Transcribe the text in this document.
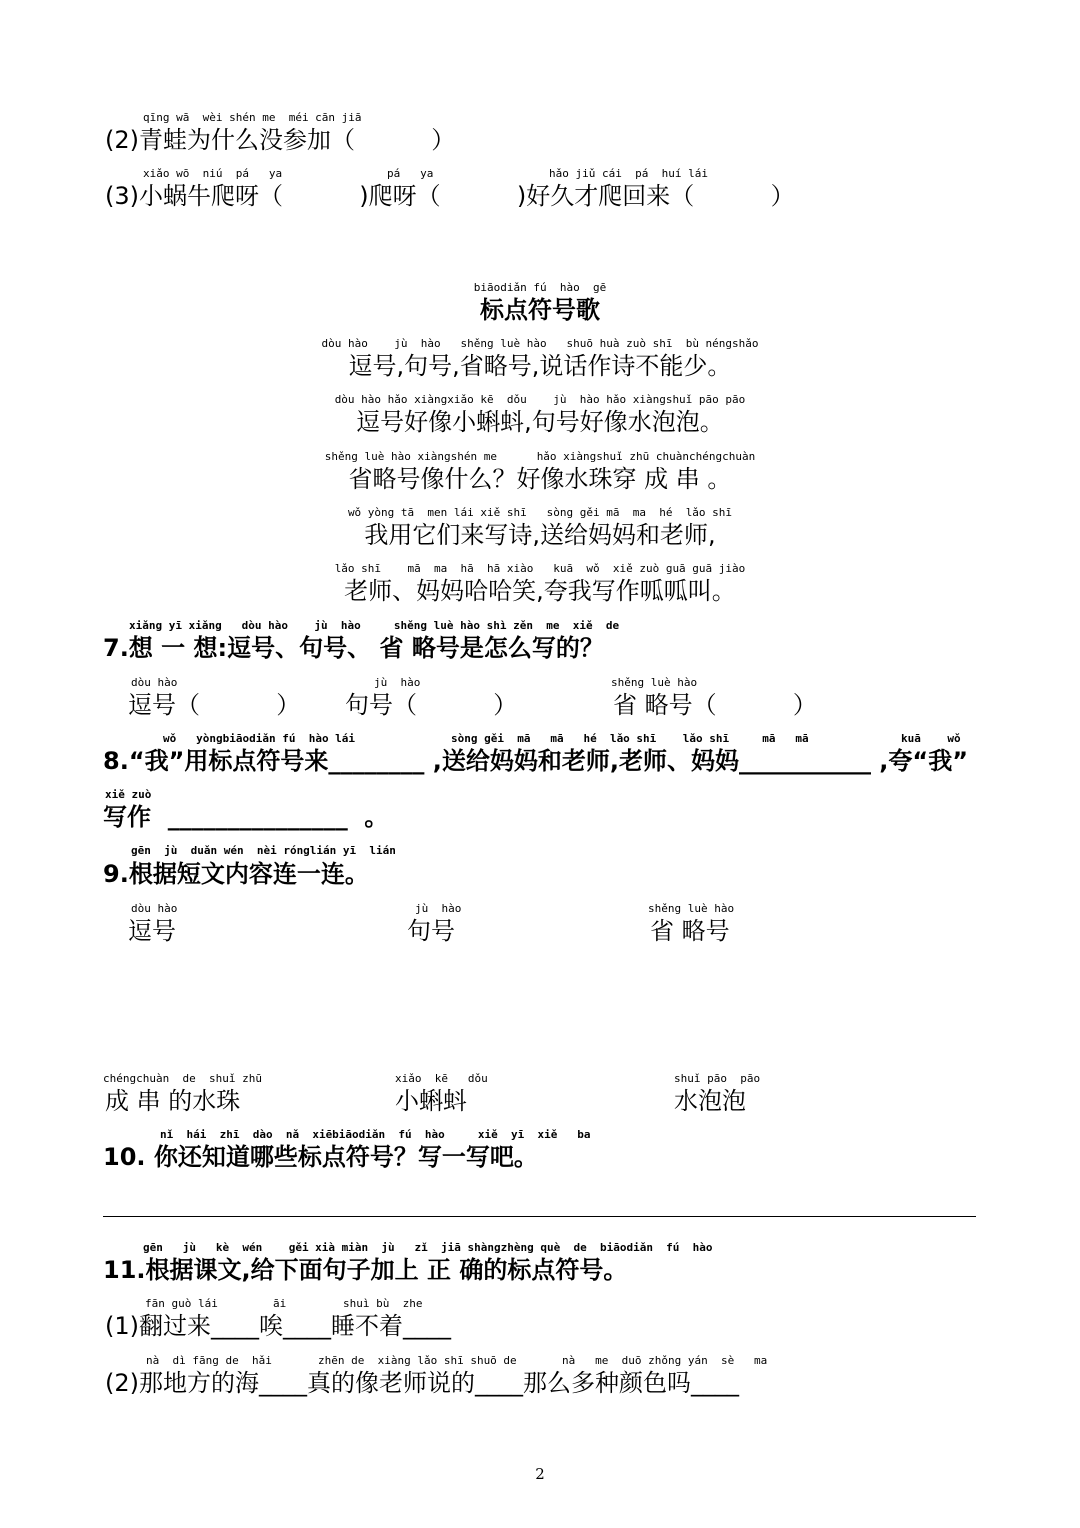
qīng wā  wèi shén me  méi cān jiā
(2)青蛙为什么没参加（          ）
xiǎo wō  niú  pá   ya	pá   ya	hǎo jiǔ cái  pá  huí lái
(3)小蜗牛爬呀（          )爬呀（          )好久才爬回来（          ）
biāodiǎn fú  hào  gē
标点符号歌
dòu hào    jù  hào   shěng luè hào   shuō huà zuò shī  bù néngshǎo
逗号,句号,省略号,说话作诗不能少。
dòu hào hǎo xiàngxiǎo kē  dǒu    jù  hào hǎo xiàngshuǐ pāo pāo
逗号好像小蝌蚪,句号好像水泡泡。
shěng luè hào xiàngshén me      hǎo xiàngshuǐ zhū chuànchéngchuàn
省略号像什么？好像水珠穿 成 串 。
wǒ yòng tā  men lái xiě shī   sòng gěi mā  ma  hé  lǎo shī
我用它们来写诗,送给妈妈和老师,
lǎo shī    mā  ma  hā  hā xiào   kuā  wǒ  xiě zuò guā guā jiào
老师、妈妈哈哈笑,夸我写作呱呱叫。
xiǎng yī xiǎng   dòu hào    jù  hào     shěng luè hào shì zěn  me  xiě  de
7.想 一 想:逗号、句号、 省 略号是怎么写的？
dòu hào
逗号（          ）
jù  hào
句号（          ）
shěng luè hào
省 略号（          ）
wǒ   yòngbiāodiǎn fú  hào lái	sòng gěi  mā   mā   hé  lǎo shī    lǎo shī     mā   mā	kuā    wǒ
8.“我”用标点符号来________ ,送给妈妈和老师,老师、妈妈___________ ,夸“我”
xiě zuò
写作  _______________  。
gēn  jù  duǎn wén  nèi rónglián yī  lián
9.根据短文内容连一连。
dòu hào
逗号
jù  hào
句号
shěng luè hào
省 略号
chéngchuàn  de  shuǐ zhū
成 串 的水珠
xiǎo  kē   dǒu
小蝌蚪
shuǐ pāo  pāo
水泡泡
nǐ  hái  zhī  dào  nǎ  xiēbiāodiǎn  fú  hào     xiě  yī  xiě   ba
10. 你还知道哪些标点符号？写一写吧。
gēn   jù   kè  wén    gěi xià miàn  jù   zǐ  jiā shàngzhèng què  de  biāodiǎn  fú  hào
11.根据课文,给下面句子加上 正 确的标点符号。
fān guò lái	āi	shuì bù  zhe
(1)翻过来____唉____睡不着____
nà  dì fāng de  hǎi	zhēn de  xiàng lǎo shī shuō de	nà   me  duō zhǒng yán  sè   ma
(2)那地方的海____真的像老师说的____那么多种颜色吗____
2
